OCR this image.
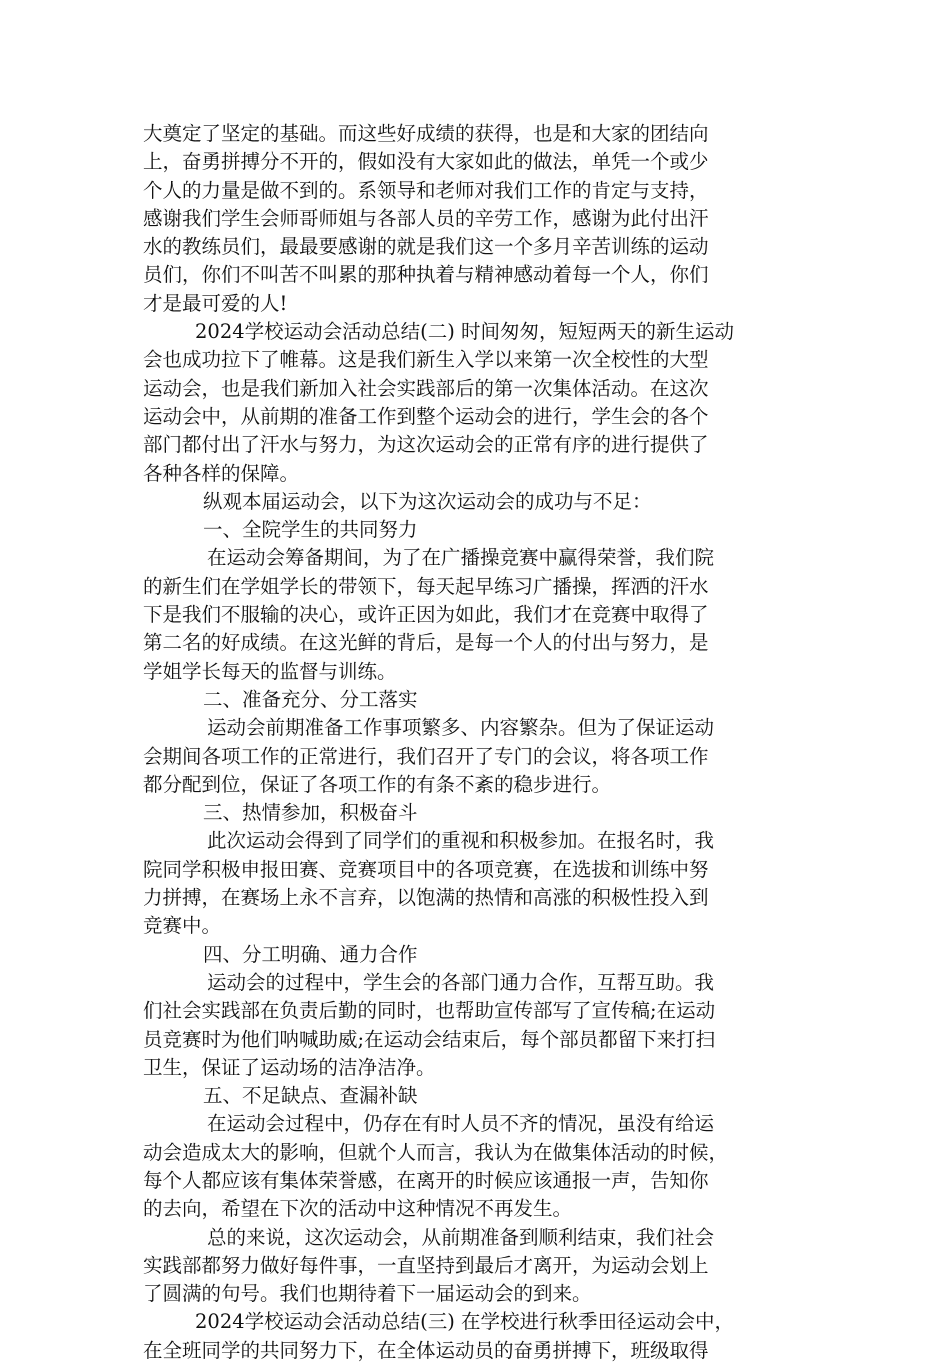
大奠定了坚定的基础。而这些好成绩的获得，也是和大家的团结向
上，奋勇拼搏分不开的，假如没有大家如此的做法，单凭一个或少
个人的力量是做不到的。系领导和老师对我们工作的肯定与支持，
感谢我们学生会师哥师姐与各部人员的辛劳工作，感谢为此付出汗
水的教练员们，最最要感谢的就是我们这一个多月辛苦训练的运动
员们，你们不叫苦不叫累的那种执着与精神感动着每一个人，你们
才是最可爱的人!
2024学校运动会活动总结(二) 时间匆匆，短短两天的新生运动
会也成功拉下了帷幕。这是我们新生入学以来第一次全校性的大型
运动会，也是我们新加入社会实践部后的第一次集体活动。在这次
运动会中，从前期的准备工作到整个运动会的进行，学生会的各个
部门都付出了汗水与努力，为这次运动会的正常有序的进行提供了
各种各样的保障。
纵观本届运动会，以下为这次运动会的成功与不足：
一、全院学生的共同努力
在运动会筹备期间，为了在广播操竞赛中赢得荣誉，我们院
的新生们在学姐学长的带领下，每天起早练习广播操，挥洒的汗水
下是我们不服输的决心，或许正因为如此，我们才在竞赛中取得了
第二名的好成绩。在这光鲜的背后，是每一个人的付出与努力，是
学姐学长每天的监督与训练。
二、准备充分、分工落实
运动会前期准备工作事项繁多、内容繁杂。但为了保证运动
会期间各项工作的正常进行，我们召开了专门的会议，将各项工作
都分配到位，保证了各项工作的有条不紊的稳步进行。
三、热情参加，积极奋斗
此次运动会得到了同学们的重视和积极参加。在报名时，我
院同学积极申报田赛、竞赛项目中的各项竞赛，在选拔和训练中努
力拼搏，在赛场上永不言弃，以饱满的热情和高涨的积极性投入到
竞赛中。
四、分工明确、通力合作
运动会的过程中，学生会的各部门通力合作，互帮互助。我
们社会实践部在负责后勤的同时，也帮助宣传部写了宣传稿;在运动
员竞赛时为他们呐喊助威;在运动会结束后，每个部员都留下来打扫
卫生，保证了运动场的洁净洁净。
五、不足缺点、查漏补缺
在运动会过程中，仍存在有时人员不齐的情况，虽没有给运
动会造成太大的影响，但就个人而言，我认为在做集体活动的时候，
每个人都应该有集体荣誉感，在离开的时候应该通报一声，告知你
的去向，希望在下次的活动中这种情况不再发生。
总的来说，这次运动会，从前期准备到顺利结束，我们社会
实践部都努力做好每件事，一直坚持到最后才离开，为运动会划上
了圆满的句号。我们也期待着下一届运动会的到来。
2024学校运动会活动总结(三) 在学校进行秋季田径运动会中，
在全班同学的共同努力下，在全体运动员的奋勇拼搏下，班级取得
